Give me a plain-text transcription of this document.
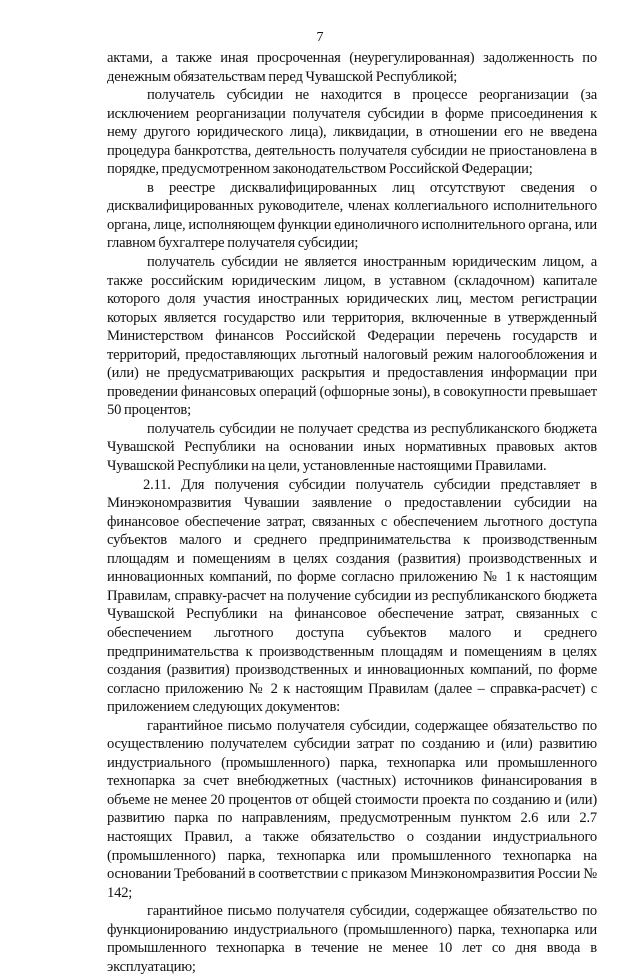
7

актами, а также иная просроченная (неурегулированная) задолженность по денежным обязательствам перед Чувашской Республикой;

получатель субсидии не находится в процессе реорганизации (за исключением реорганизации получателя субсидии в форме присоединения к нему другого юридического лица), ликвидации, в отношении его не введена процедура банкротства, деятельность получателя субсидии не приостановлена в порядке, предусмотренном законодательством Российской Федерации;

в реестре дисквалифицированных лиц отсутствуют сведения о дисквалифицированных руководителе, членах коллегиального исполнительного органа, лице, исполняющем функции единоличного исполнительного органа, или главном бухгалтере получателя субсидии;

получатель субсидии не является иностранным юридическим лицом, а также российским юридическим лицом, в уставном (складочном) капитале которого доля участия иностранных юридических лиц, местом регистрации которых является государство или территория, включенные в утвержденный Министерством финансов Российской Федерации перечень государств и территорий, предоставляющих льготный налоговый режим налогообложения и (или) не предусматривающих раскрытия и предоставления информации при проведении финансовых операций (офшорные зоны), в совокупности превышает 50 процентов;

получатель субсидии не получает средства из республиканского бюджета Чувашской Республики на основании иных нормативных правовых актов Чувашской Республики на цели, установленные настоящими Правилами.

2.11. Для получения субсидии получатель субсидии представляет в Минэкономразвития Чувашии заявление о предоставлении субсидии на финансовое обеспечение затрат, связанных с обеспечением льготного доступа субъектов малого и среднего предпринимательства к производственным площадям и помещениям в целях создания (развития) производственных и инновационных компаний, по форме согласно приложению № 1 к настоящим Правилам, справку-расчет на получение субсидии из республиканского бюджета Чувашской Республики на финансовое обеспечение затрат, связанных с обеспечением льготного доступа субъектов малого и среднего предпринимательства к производственным площадям и помещениям в целях создания (развития) производственных и инновационных компаний, по форме согласно приложению № 2 к настоящим Правилам (далее – справка-расчет) с приложением следующих документов:

гарантийное письмо получателя субсидии, содержащее обязательство по осуществлению получателем субсидии затрат по созданию и (или) развитию индустриального (промышленного) парка, технопарка или промышленного технопарка за счет внебюджетных (частных) источников финансирования в объеме не менее 20 процентов от общей стоимости проекта по созданию и (или) развитию парка по направлениям, предусмотренным пунктом 2.6 или 2.7 настоящих Правил, а также обязательство о создании индустриального (промышленного) парка, технопарка или промышленного технопарка на основании Требований в соответствии с приказом Минэкономразвития России № 142;

гарантийное письмо получателя субсидии, содержащее обязательство по функционированию индустриального (промышленного) парка, технопарка или промышленного технопарка в течение не менее 10 лет со дня ввода в эксплуатацию;
